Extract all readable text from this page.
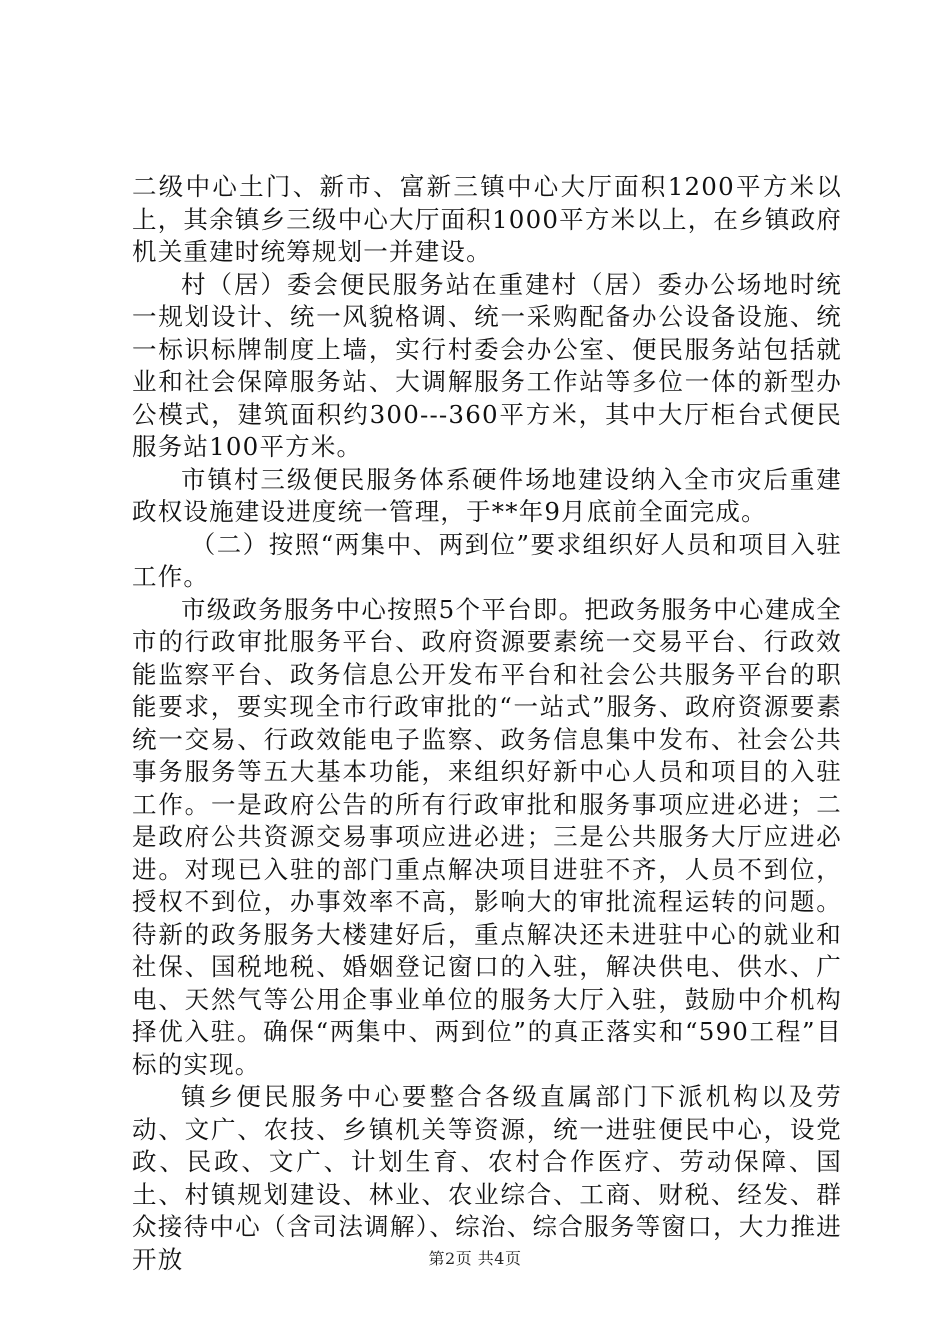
二级中心土门、新市、富新三镇中心大厅面积1200平方米以上，其余镇乡三级中心大厅面积1000平方米以上，在乡镇政府机关重建时统筹规划一并建设。

村（居）委会便民服务站在重建村（居）委办公场地时统一规划设计、统一风貌格调、统一采购配备办公设备设施、统一标识标牌制度上墙，实行村委会办公室、便民服务站包括就业和社会保障服务站、大调解服务工作站等多位一体的新型办公模式，建筑面积约300---360平方米，其中大厅柜台式便民服务站100平方米。

市镇村三级便民服务体系硬件场地建设纳入全市灾后重建政权设施建设进度统一管理，于**年9月底前全面完成。

（二）按照“两集中、两到位”要求组织好人员和项目入驻工作。

市级政务服务中心按照5个平台即。把政务服务中心建成全市的行政审批服务平台、政府资源要素统一交易平台、行政效能监察平台、政务信息公开发布平台和社会公共服务平台的职能要求，要实现全市行政审批的“一站式”服务、政府资源要素统一交易、行政效能电子监察、政务信息集中发布、社会公共事务服务等五大基本功能，来组织好新中心人员和项目的入驻工作。一是政府公告的所有行政审批和服务事项应进必进；二是政府公共资源交易事项应进必进；三是公共服务大厅应进必进。对现已入驻的部门重点解决项目进驻不齐，人员不到位，授权不到位，办事效率不高，影响大的审批流程运转的问题。待新的政务服务大楼建好后，重点解决还未进驻中心的就业和社保、国税地税、婚姻登记窗口的入驻，解决供电、供水、广电、天然气等公用企事业单位的服务大厅入驻，鼓励中介机构择优入驻。确保“两集中、两到位”的真正落实和“590工程”目标的实现。

镇乡便民服务中心要整合各级直属部门下派机构以及劳动、文广、农技、乡镇机关等资源，统一进驻便民中心，设党政、民政、文广、计划生育、农村合作医疗、劳动保障、国土、村镇规划建设、林业、农业综合、工商、财税、经发、群众接待中心（含司法调解）、综治、综合服务等窗口，大力推进开放	第2页 共4页
